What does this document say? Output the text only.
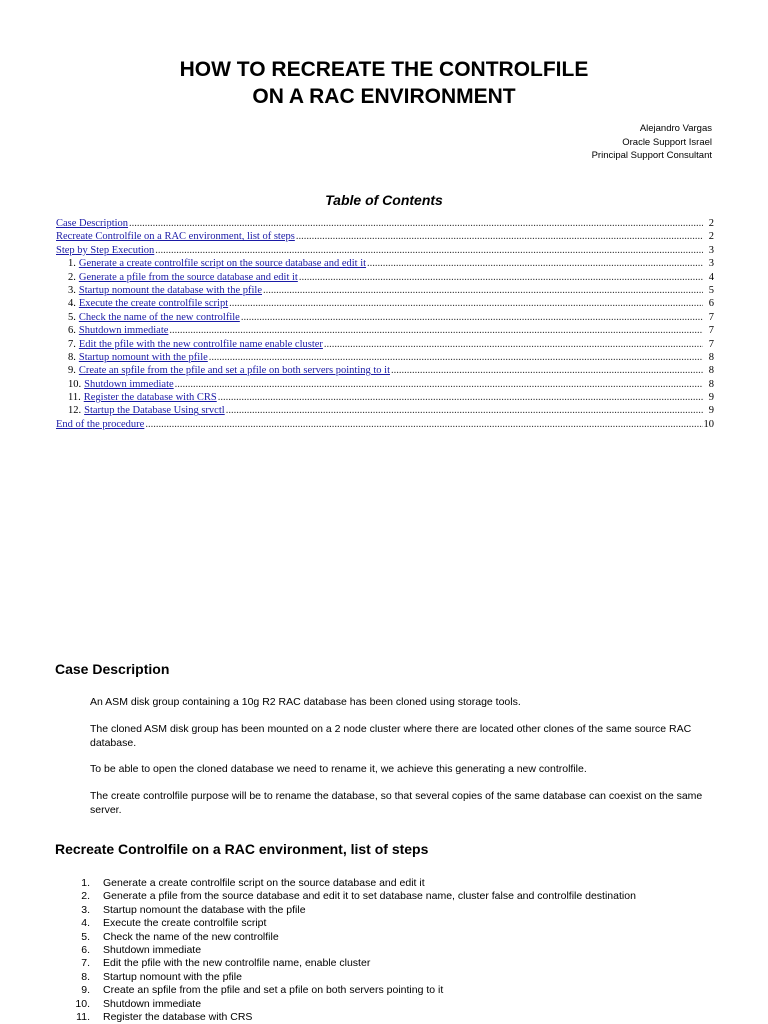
HOW TO RECREATE THE CONTROLFILE
ON A RAC ENVIRONMENT
Alejandro Vargas
Oracle Support Israel
Principal Support Consultant
Table of Contents
Case Description .....	2
Recreate Controlfile on a RAC environment, list of steps .....	2
Step by Step Execution .....	3
1. Generate a create controlfile script on the source database and edit it .....	3
2. Generate a pfile from the source database and edit it .....	4
3. Startup nomount the database with the pfile .....	5
4. Execute the create controlfile script .....	6
5. Check the name of the new controlfile .....	7
6. Shutdown immediate .....	7
7. Edit the pfile with the new controlfile name enable cluster .....	7
8. Startup nomount with the pfile .....	8
9. Create an spfile from the pfile and set a pfile on both servers pointing to it .....	8
10. Shutdown immediate .....	8
11. Register the database with CRS .....	9
12. Startup the Database Using srvctl .....	9
End of the procedure .....	10
Case Description
An ASM disk group containing a 10g R2 RAC database has been cloned using storage tools.
The cloned ASM disk group has been mounted on a 2 node cluster where there are located other clones of the same source RAC database.
To be able to open the cloned database we need to rename it, we achieve this generating a new controlfile.
The create controlfile purpose will be to rename the database, so that several copies of the same database can coexist on the same server.
Recreate Controlfile on a RAC environment, list of steps
1. Generate a create controlfile script on the source database and edit it
2. Generate a pfile from the source database and edit it to set database name, cluster false and controlfile destination
3. Startup nomount the database with the pfile
4. Execute the create controlfile script
5. Check the name of the new controlfile
6. Shutdown immediate
7. Edit the pfile with the new controlfile name, enable cluster
8. Startup nomount with the pfile
9. Create an spfile from the pfile and set a pfile on both servers pointing to it
10. Shutdown immediate
11. Register the database with CRS
